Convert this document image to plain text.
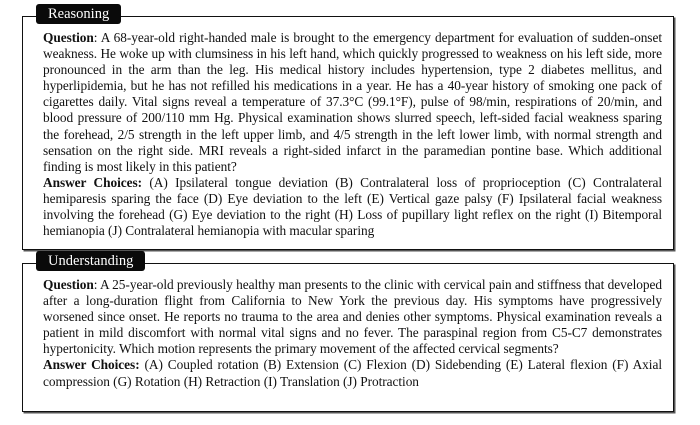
Reasoning

Question: A 68-year-old right-handed male is brought to the emergency department for evaluation of sudden-onset weakness. He woke up with clumsiness in his left hand, which quickly progressed to weakness on his left side, more pronounced in the arm than the leg. His medical history includes hypertension, type 2 diabetes mellitus, and hyperlipidemia, but he has not refilled his medications in a year. He has a 40-year history of smoking one pack of cigarettes daily. Vital signs reveal a temperature of 37.3°C (99.1°F), pulse of 98/min, respirations of 20/min, and blood pressure of 200/110 mm Hg. Physical examination shows slurred speech, left-sided facial weakness sparing the forehead, 2/5 strength in the left upper limb, and 4/5 strength in the left lower limb, with normal strength and sensation on the right side. MRI reveals a right-sided infarct in the paramedian pontine base. Which additional finding is most likely in this patient?

Answer Choices: (A) Ipsilateral tongue deviation (B) Contralateral loss of proprioception (C) Contralateral hemiparesis sparing the face (D) Eye deviation to the left (E) Vertical gaze palsy (F) Ipsilateral facial weakness involving the forehead (G) Eye deviation to the right (H) Loss of pupillary light reflex on the right (I) Bitemporal hemianopia (J) Contralateral hemianopia with macular sparing

Understanding

Question: A 25-year-old previously healthy man presents to the clinic with cervical pain and stiffness that developed after a long-duration flight from California to New York the previous day. His symptoms have progressively worsened since onset. He reports no trauma to the area and denies other symptoms. Physical examination reveals a patient in mild discomfort with normal vital signs and no fever. The paraspinal region from C5-C7 demonstrates hypertonicity. Which motion represents the primary movement of the affected cervical segments?

Answer Choices: (A) Coupled rotation (B) Extension (C) Flexion (D) Sidebending (E) Lateral flexion (F) Axial compression (G) Rotation (H) Retraction (I) Translation (J) Protraction
